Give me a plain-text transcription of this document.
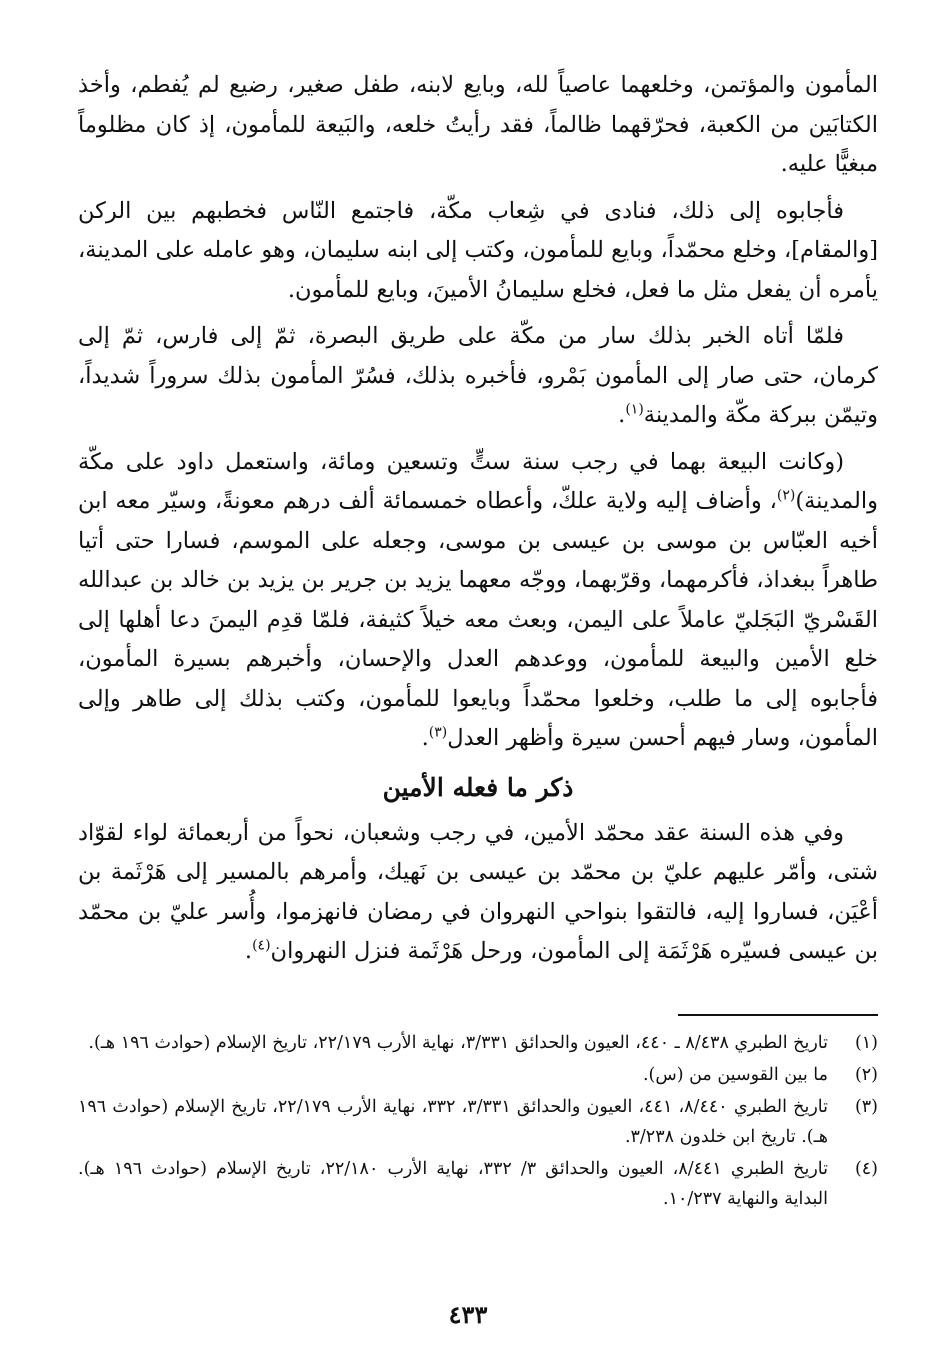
المأمون والمؤتمن، وخلعهما عاصياً لله، وبايع لابنه، طفل صغير، رضيع لم يُفطم، وأخذ الكتابَين من الكعبة، فحرّقهما ظالماً، فقد رأيتُ خلعه، والبَيعة للمأمون، إذ كان مظلوماً مبغيًّا عليه.

فأجابوه إلى ذلك، فنادى في شِعاب مكّة، فاجتمع النّاس فخطبهم بين الركن [والمقام]، وخلع محمّداً، وبايع للمأمون، وكتب إلى ابنه سليمان، وهو عامله على المدينة، يأمره أن يفعل مثل ما فعل، فخلع سليمانُ الأمينَ، وبايع للمأمون.

فلمّا أتاه الخبر بذلك سار من مكّة على طريق البصرة، ثمّ إلى فارس، ثمّ إلى كرمان، حتى صار إلى المأمون بَمْرو، فأخبره بذلك، فسُرّ المأمون بذلك سروراً شديداً، وتيمّن ببركة مكّة والمدينة$^{(١)}$.

(وكانت البيعة بهما في رجب سنة ستٍّ وتسعين ومائة، واستعمل داود على مكّة والمدينة)$^{(٢)}$، وأضاف إليه ولاية علكّ، وأعطاه خمسمائة ألف درهم معونةً، وسيّر معه ابن أخيه العبّاس بن موسى بن عيسى بن موسى، وجعله على الموسم، فسارا حتى أتيا طاهراً ببغداذ، فأكرمهما، وقرّبهما، ووجّه معهما يزيد بن جرير بن يزيد بن خالد بن عبدالله القَسْريّ البَجَليّ عاملاً على اليمن، وبعث معه خيلاً كثيفة، فلمّا قدِم اليمنَ دعا أهلها إلى خلع الأمين والبيعة للمأمون، ووعدهم العدل والإحسان، وأخبرهم بسيرة المأمون، فأجابوه إلى ما طلب، وخلعوا محمّداً وبايعوا للمأمون، وكتب بذلك إلى طاهر وإلى المأمون، وسار فيهم أحسن سيرة وأظهر العدل$^{(٣)}$.

ذكر ما فعله الأمين

وفي هذه السنة عقد محمّد الأمين، في رجب وشعبان، نحواً من أربعمائة لواء لقوّاد شتى، وأمّر عليهم عليّ بن محمّد بن عيسى بن نَهيك، وأمرهم بالمسير إلى هَرْثَمة بن أعْيَن، فساروا إليه، فالتقوا بنواحي النهروان في رمضان فانهزموا، وأُسر عليّ بن محمّد بن عيسى فسيّره هَرْثَمَة إلى المأمون، ورحل هَرْثَمة فنزل النهروان$^{(٤)}$.

(١)
تاريخ الطبري ٨/٤٣٨ ـ ٤٤٠، العيون والحدائق ٣/٣٣١، نهاية الأرب ٢٢/١٧٩، تاريخ الإسلام (حوادث ١٩٦ هـ).
(٢)
ما بين القوسين من (س).
(٣)
تاريخ الطبري ٨/٤٤٠، ٤٤١، العيون والحدائق ٣/٣٣١، ٣٣٢، نهاية الأرب ٢٢/١٧٩، تاريخ الإسلام (حوادث ١٩٦ هـ). تاريخ ابن خلدون ٣/٢٣٨.
(٤)
تاريخ الطبري ٨/٤٤١، العيون والحدائق ٣/ ٣٣٢، نهاية الأرب ٢٢/١٨٠، تاريخ الإسلام (حوادث ١٩٦ هـ). البداية والنهاية ١٠/٢٣٧.
٤٣٣
